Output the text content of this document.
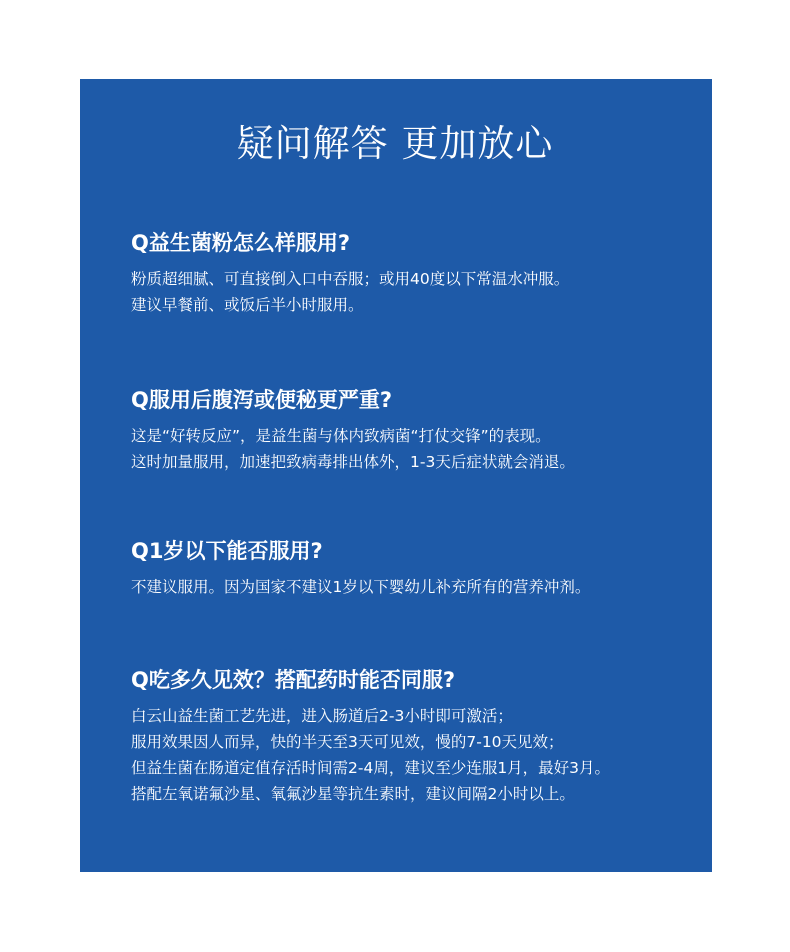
疑问解答 更加放心
Q益生菌粉怎么样服用?
粉质超细腻、可直接倒入口中吞服；或用40度以下常温水冲服。
建议早餐前、或饭后半小时服用。
Q服用后腹泻或便秘更严重?
这是“好转反应”，是益生菌与体内致病菌“打仗交锋”的表现。
这时加量服用，加速把致病毒排出体外，1-3天后症状就会消退。
Q1岁以下能否服用?
不建议服用。因为国家不建议1岁以下婴幼儿补充所有的营养冲剂。
Q吃多久见效？搭配药时能否同服?
白云山益生菌工艺先进，进入肠道后2-3小时即可激活；
服用效果因人而异，快的半天至3天可见效，慢的7-10天见效；
但益生菌在肠道定值存活时间需2-4周，建议至少连服1月，最好3月。
搭配左氧诺氟沙星、氧氟沙星等抗生素时，建议间隔2小时以上。
